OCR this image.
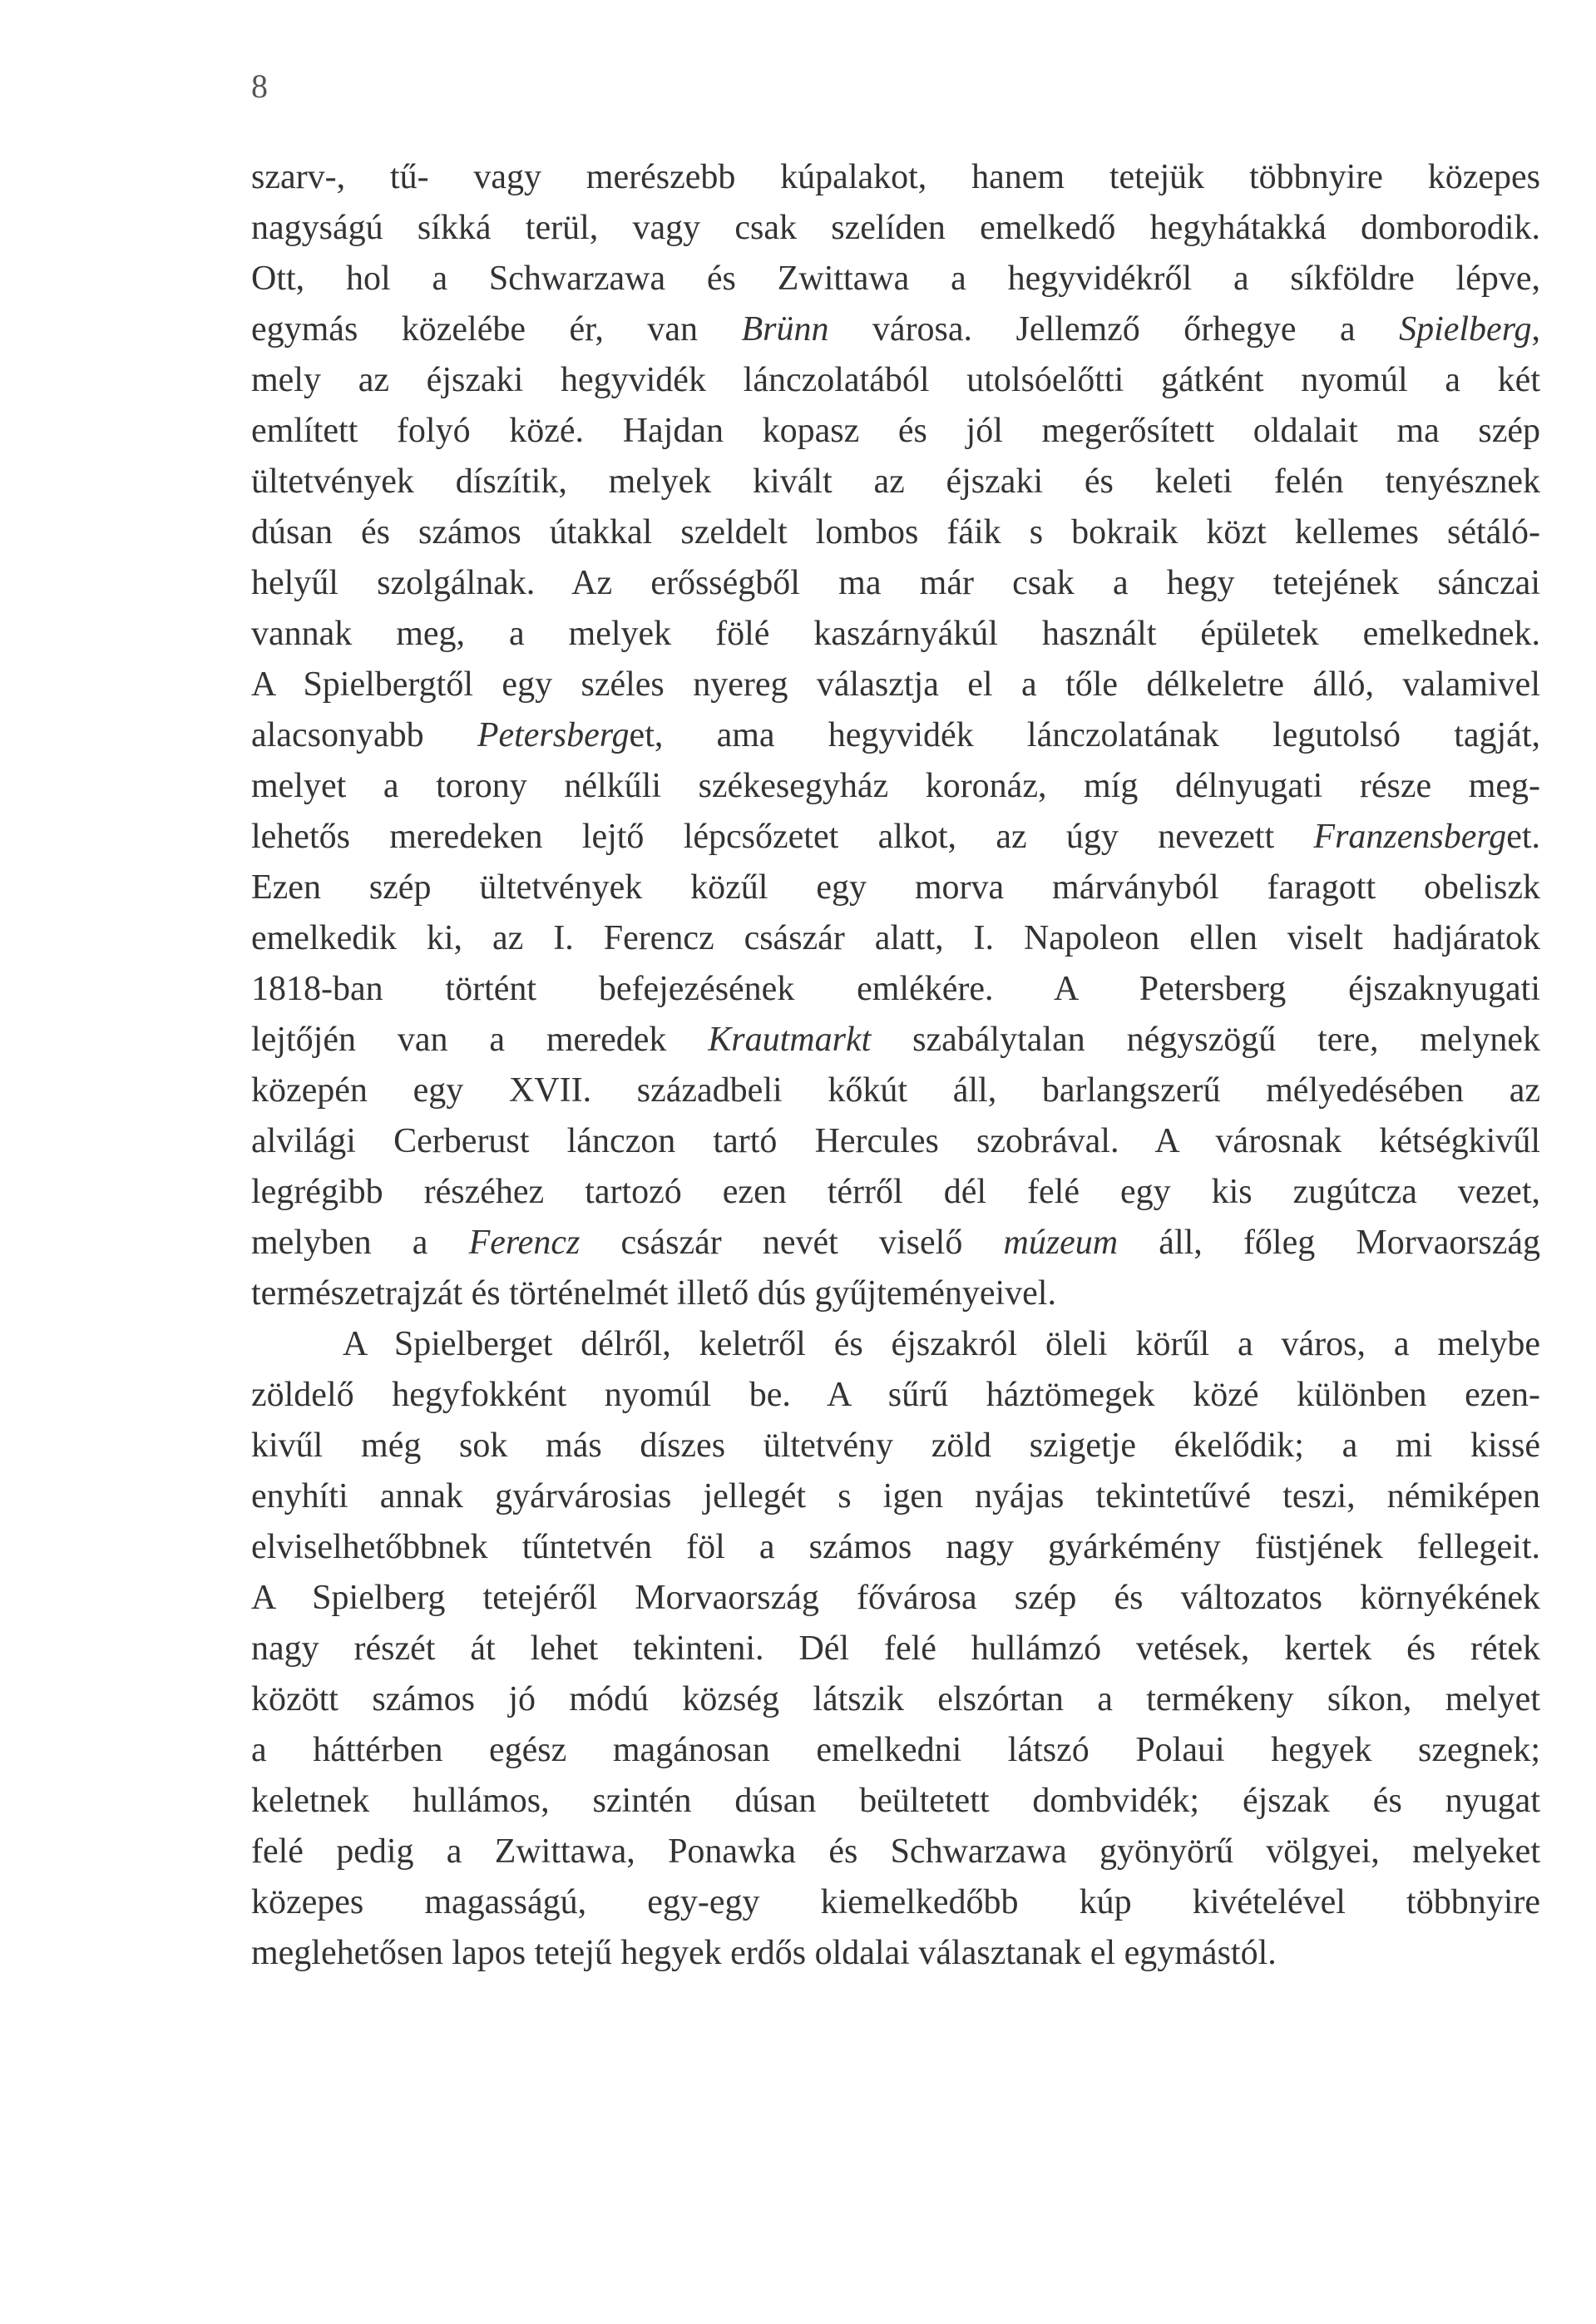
8
szarv-, tű- vagy merészebb kúpalakot, hanem tetejük többnyire közepes
nagyságú síkká terül, vagy csak szelíden emelkedő hegyhátakká domborodik.
Ott, hol a Schwarzawa és Zwittawa a hegyvidékről a síkföldre lépve,
egymás közelébe ér, van Brünn városa. Jellemző őrhegye a Spielberg,
mely az éjszaki hegyvidék lánczolatából utolsóelőtti gátként nyomúl a két
említett folyó közé. Hajdan kopasz és jól megerősített oldalait ma szép
ültetvények díszítik, melyek kivált az éjszaki és keleti felén tenyésznek
dúsan és számos útakkal szeldelt lombos fáik s bokraik közt kellemes sétáló-
helyűl szolgálnak. Az erősségből ma már csak a hegy tetejének sánczai
vannak meg, a melyek fölé kaszárnyákúl használt épületek emelkednek.
A Spielbergtől egy széles nyereg választja el a tőle délkeletre álló, valamivel
alacsonyabb Petersberget, ama hegyvidék lánczolatának legutolsó tagját,
melyet a torony nélkűli székesegyház koronáz, míg délnyugati része meg-
lehetős meredeken lejtő lépcsőzetet alkot, az úgy nevezett Franzensberget.
Ezen szép ültetvények közűl egy morva márványból faragott obeliszk
emelkedik ki, az I. Ferencz császár alatt, I. Napoleon ellen viselt hadjáratok
1818-ban történt befejezésének emlékére. A Petersberg éjszaknyugati
lejtőjén van a meredek Krautmarkt szabálytalan négyszögű tere, melynek
közepén egy XVII. századbeli kőkút áll, barlangszerű mélyedésében az
alvilági Cerberust lánczon tartó Hercules szobrával. A városnak kétségkivűl
legrégibb részéhez tartozó ezen térről dél felé egy kis zugútcza vezet,
melyben a Ferencz császár nevét viselő múzeum áll, főleg Morvaország
természetrajzát és történelmét illető dús gyűjteményeivel.
A Spielberget délről, keletről és éjszakról öleli körűl a város, a melybe
zöldelő hegyfokként nyomúl be. A sűrű háztömegek közé különben ezen-
kivűl még sok más díszes ültetvény zöld szigetje ékelődik; a mi kissé
enyhíti annak gyárvárosias jellegét s igen nyájas tekintetűvé teszi, némiképen
elviselhetőbbnek tűntetvén föl a számos nagy gyárkémény füstjének fellegeit.
A Spielberg tetejéről Morvaország fővárosa szép és változatos környékének
nagy részét át lehet tekinteni. Dél felé hullámzó vetések, kertek és rétek
között számos jó módú község látszik elszórtan a termékeny síkon, melyet
a háttérben egész magánosan emelkedni látszó Polaui hegyek szegnek;
keletnek hullámos, szintén dúsan beültetett dombvidék; éjszak és nyugat
felé pedig a Zwittawa, Ponawka és Schwarzawa gyönyörű völgyei, melyeket
közepes magasságú, egy-egy kiemelkedőbb kúp kivételével többnyire
meglehetősen lapos tetejű hegyek erdős oldalai választanak el egymástól.
